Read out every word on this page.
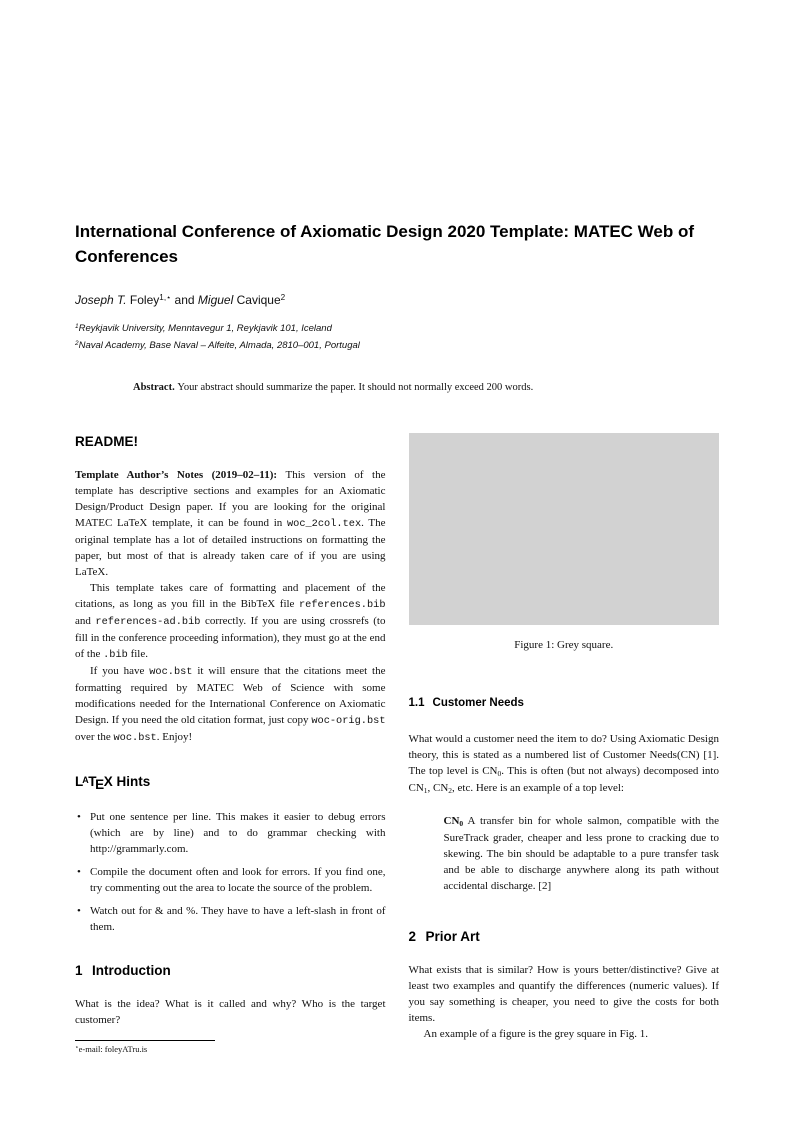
International Conference of Axiomatic Design 2020 Template: MATEC Web of Conferences

Joseph T. Foley$^{1,⋆}$ and Miguel Cavique$^2$

$^1$Reykjavik University, Menntavegur 1, Reykjavik 101, Iceland

$^2$Naval Academy, Base Naval – Alfeite, Almada, 2810–001, Portugal

Abstract. Your abstract should summarize the paper. It should not normally exceed 200 words.

README!

Template Author’s Notes (2019–02–11): This version of the template has descriptive sections and examples for an Axiomatic Design/Product Design paper. If you are looking for the original MATEC LaTeX template, it can be found in woc_2col.tex. The original template has a lot of detailed instructions on formatting the paper, but most of that is already taken care of if you are using LaTeX.

This template takes care of formatting and placement of the citations, as long as you fill in the BibTeX file references.bib and references-ad.bib correctly. If you are using crossrefs (to fill in the conference proceeding information), they must go at the end of the .bib file.

If you have woc.bst it will ensure that the citations meet the formatting required by MATEC Web of Science with some modifications needed for the International Conference on Axiomatic Design. If you need the old citation format, just copy woc-orig.bst over the woc.bst. Enjoy!

$L^ATEX$ Hints
• Put one sentence per line. This makes it easier to debug errors (which are by line) and to do grammar checking with http://grammarly.com.
• Compile the document often and look for errors. If you find one, try commenting out the area to locate the source of the problem.
• Watch out for & and %. They have to have a left-slash in front of them.
1 Introduction

What is the idea? What is it called and why? Who is the target customer?

⋆e-mail: foleyATru.is

Figure 1: Grey square.
1.1 Customer Needs

What would a customer need the item to do? Using Axiomatic Design theory, this is stated as a numbered list of Customer Needs(CN) [1]. The top level is CN0. This is often (but not always) decomposed into CN1, CN2, etc. Here is an example of a top level:

CN0 A transfer bin for whole salmon, compatible with the SureTrack grader, cheaper and less prone to cracking due to skewing. The bin should be adaptable to a pure transfer task and be able to discharge anywhere along its path without accidental discharge. [2]
2 Prior Art

What exists that is similar? How is yours better/distinctive? Give at least two examples and quantify the differences (numeric values). If you say something is cheaper, you need to give the costs for both items.

An example of a figure is the grey square in Fig. 1.
